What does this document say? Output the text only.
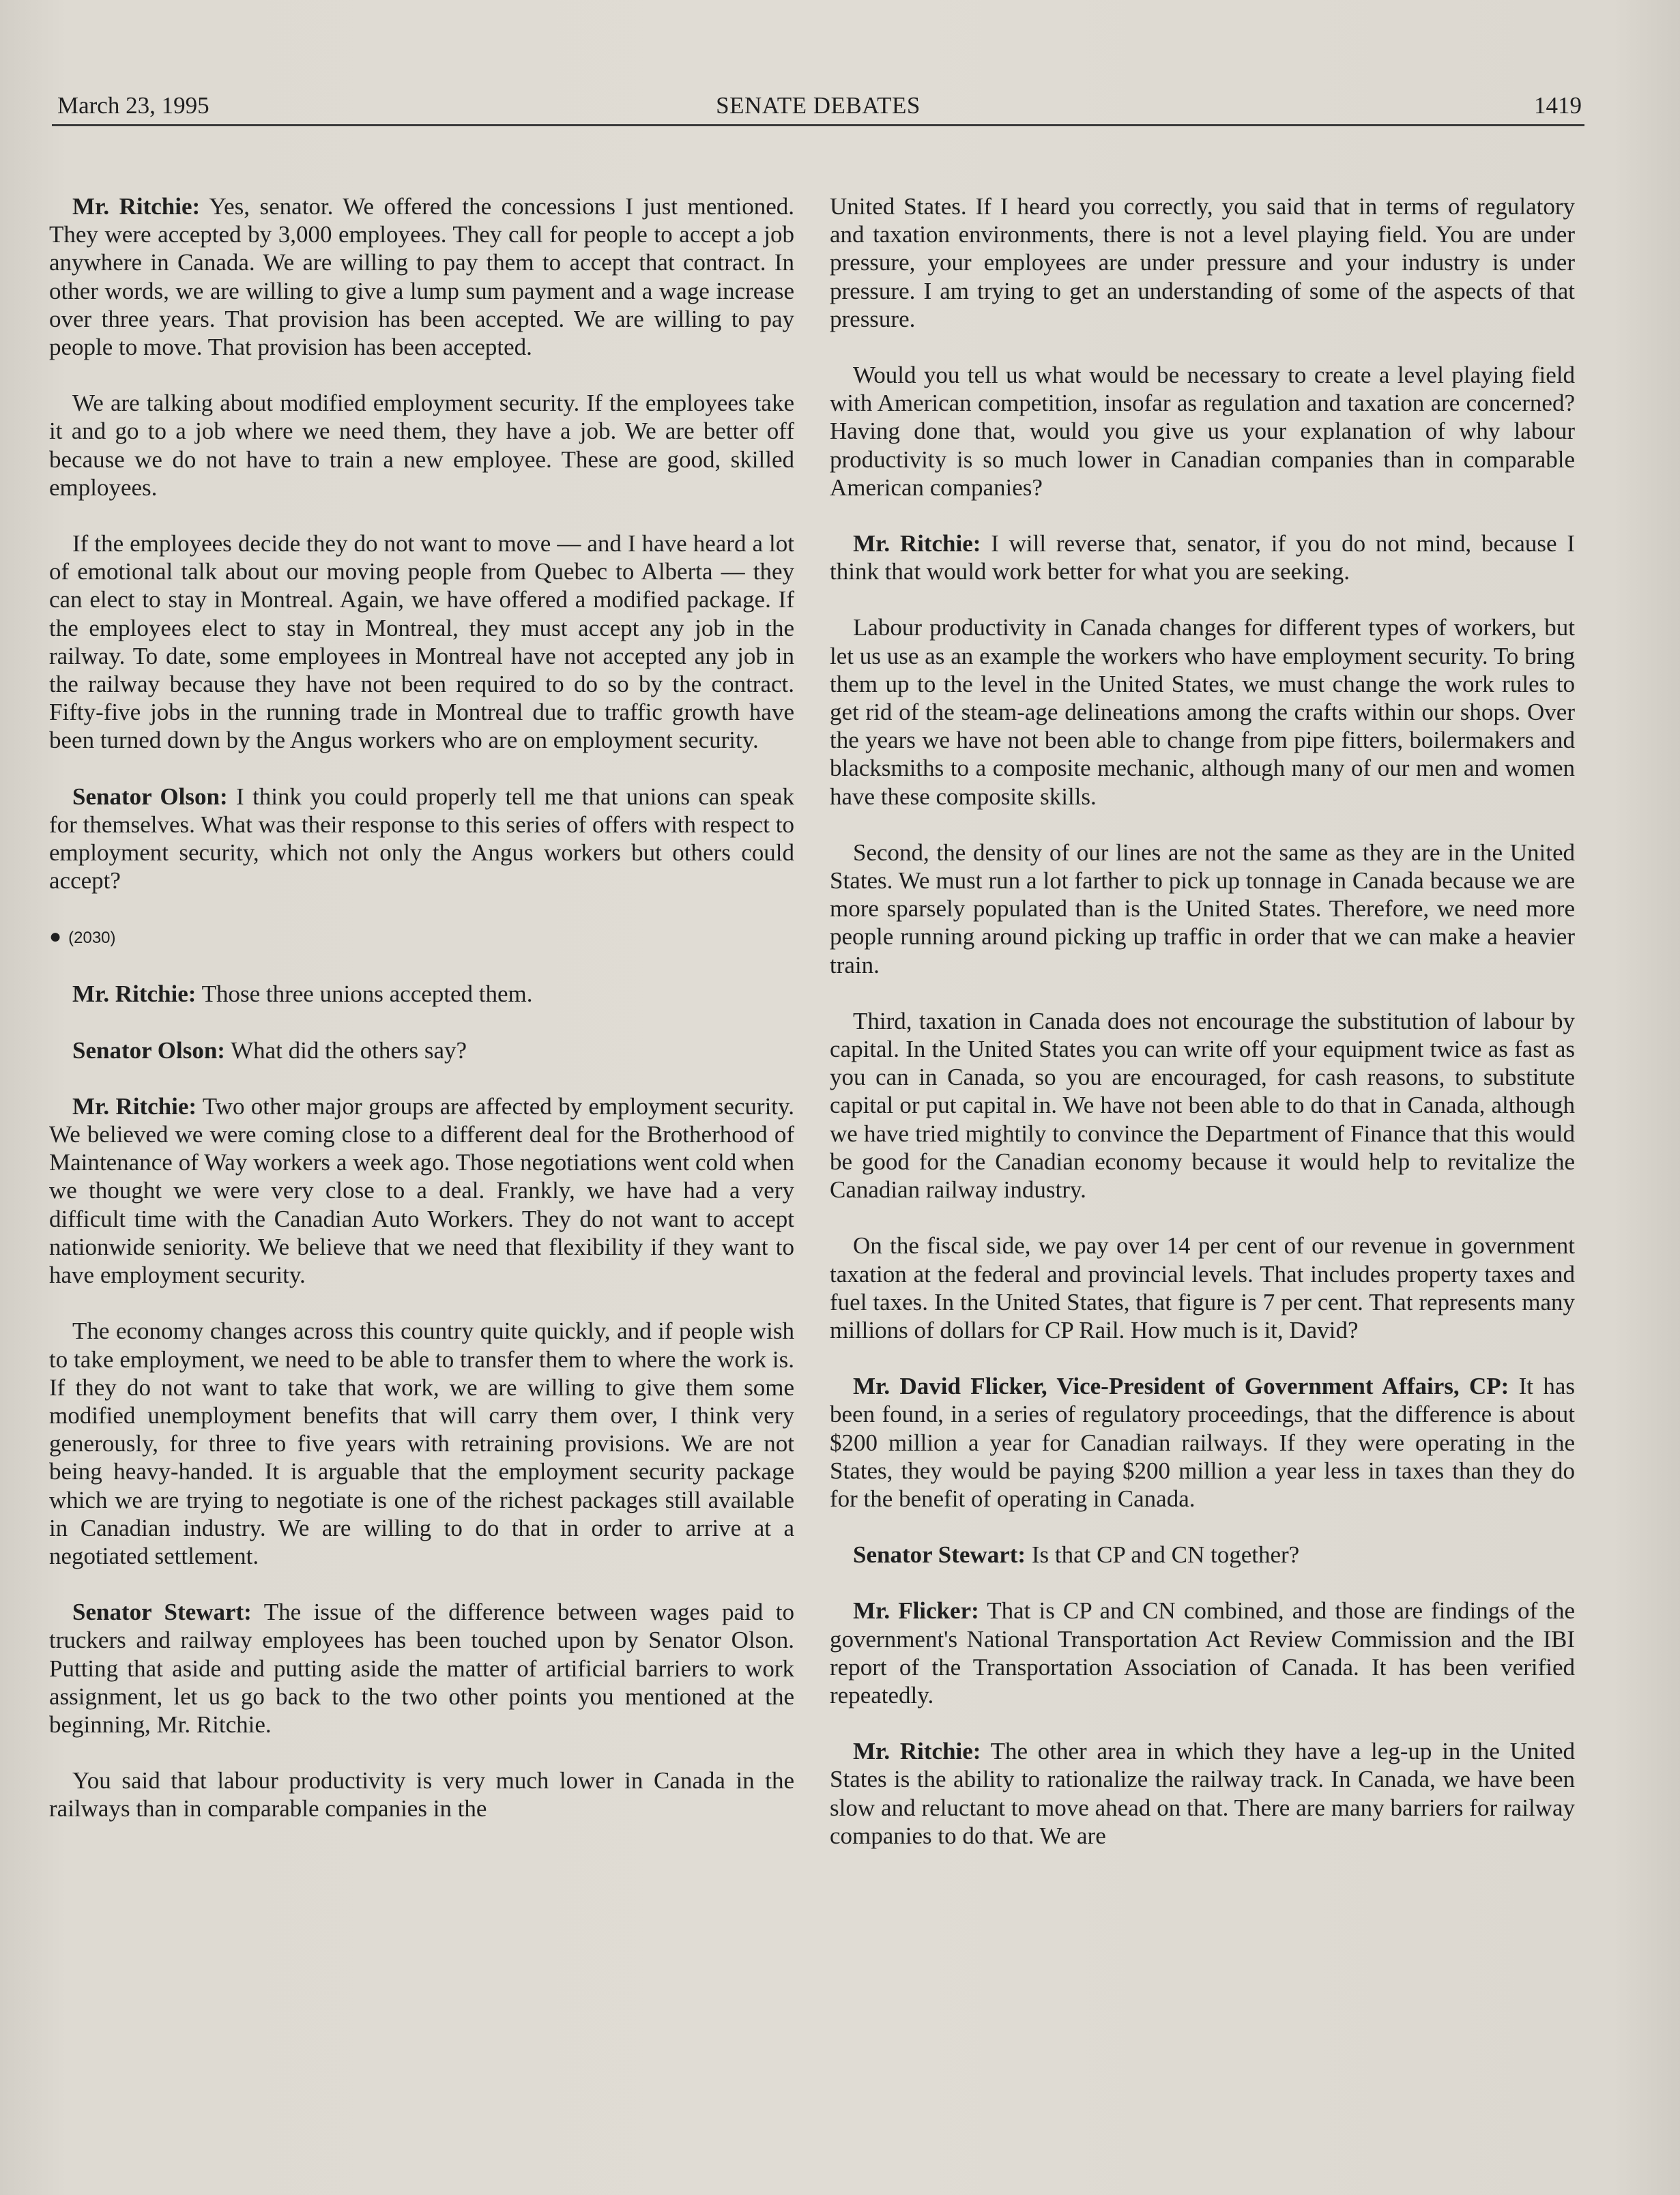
March 23, 1995	SENATE DEBATES	1419

Mr. Ritchie: Yes, senator. We offered the concessions I just mentioned. They were accepted by 3,000 employees. They call for people to accept a job anywhere in Canada. We are willing to pay them to accept that contract. In other words, we are willing to give a lump sum payment and a wage increase over three years. That provision has been accepted. We are willing to pay people to move. That provision has been accepted.

We are talking about modified employment security. If the employees take it and go to a job where we need them, they have a job. We are better off because we do not have to train a new employee. These are good, skilled employees.

If the employees decide they do not want to move — and I have heard a lot of emotional talk about our moving people from Quebec to Alberta — they can elect to stay in Montreal. Again, we have offered a modified package. If the employees elect to stay in Montreal, they must accept any job in the railway. To date, some employees in Montreal have not accepted any job in the railway because they have not been required to do so by the contract. Fifty-five jobs in the running trade in Montreal due to traffic growth have been turned down by the Angus workers who are on employment security.

Senator Olson: I think you could properly tell me that unions can speak for themselves. What was their response to this series of offers with respect to employment security, which not only the Angus workers but others could accept?

● (2030)

Mr. Ritchie: Those three unions accepted them.

Senator Olson: What did the others say?

Mr. Ritchie: Two other major groups are affected by employment security. We believed we were coming close to a different deal for the Brotherhood of Maintenance of Way workers a week ago. Those negotiations went cold when we thought we were very close to a deal. Frankly, we have had a very difficult time with the Canadian Auto Workers. They do not want to accept nationwide seniority. We believe that we need that flexibility if they want to have employment security.

The economy changes across this country quite quickly, and if people wish to take employment, we need to be able to transfer them to where the work is. If they do not want to take that work, we are willing to give them some modified unemployment benefits that will carry them over, I think very generously, for three to five years with retraining provisions. We are not being heavy-handed. It is arguable that the employment security package which we are trying to negotiate is one of the richest packages still available in Canadian industry. We are willing to do that in order to arrive at a negotiated settlement.

Senator Stewart: The issue of the difference between wages paid to truckers and railway employees has been touched upon by Senator Olson. Putting that aside and putting aside the matter of artificial barriers to work assignment, let us go back to the two other points you mentioned at the beginning, Mr. Ritchie.

You said that labour productivity is very much lower in Canada in the railways than in comparable companies in the

United States. If I heard you correctly, you said that in terms of regulatory and taxation environments, there is not a level playing field. You are under pressure, your employees are under pressure and your industry is under pressure. I am trying to get an understanding of some of the aspects of that pressure.

Would you tell us what would be necessary to create a level playing field with American competition, insofar as regulation and taxation are concerned? Having done that, would you give us your explanation of why labour productivity is so much lower in Canadian companies than in comparable American companies?

Mr. Ritchie: I will reverse that, senator, if you do not mind, because I think that would work better for what you are seeking.

Labour productivity in Canada changes for different types of workers, but let us use as an example the workers who have employment security. To bring them up to the level in the United States, we must change the work rules to get rid of the steam-age delineations among the crafts within our shops. Over the years we have not been able to change from pipe fitters, boilermakers and blacksmiths to a composite mechanic, although many of our men and women have these composite skills.

Second, the density of our lines are not the same as they are in the United States. We must run a lot farther to pick up tonnage in Canada because we are more sparsely populated than is the United States. Therefore, we need more people running around picking up traffic in order that we can make a heavier train.

Third, taxation in Canada does not encourage the substitution of labour by capital. In the United States you can write off your equipment twice as fast as you can in Canada, so you are encouraged, for cash reasons, to substitute capital or put capital in. We have not been able to do that in Canada, although we have tried mightily to convince the Department of Finance that this would be good for the Canadian economy because it would help to revitalize the Canadian railway industry.

On the fiscal side, we pay over 14 per cent of our revenue in government taxation at the federal and provincial levels. That includes property taxes and fuel taxes. In the United States, that figure is 7 per cent. That represents many millions of dollars for CP Rail. How much is it, David?

Mr. David Flicker, Vice-President of Government Affairs, CP: It has been found, in a series of regulatory proceedings, that the difference is about $200 million a year for Canadian railways. If they were operating in the States, they would be paying $200 million a year less in taxes than they do for the benefit of operating in Canada.

Senator Stewart: Is that CP and CN together?

Mr. Flicker: That is CP and CN combined, and those are findings of the government's National Transportation Act Review Commission and the IBI report of the Transportation Association of Canada. It has been verified repeatedly.

Mr. Ritchie: The other area in which they have a leg-up in the United States is the ability to rationalize the railway track. In Canada, we have been slow and reluctant to move ahead on that. There are many barriers for railway companies to do that. We are
